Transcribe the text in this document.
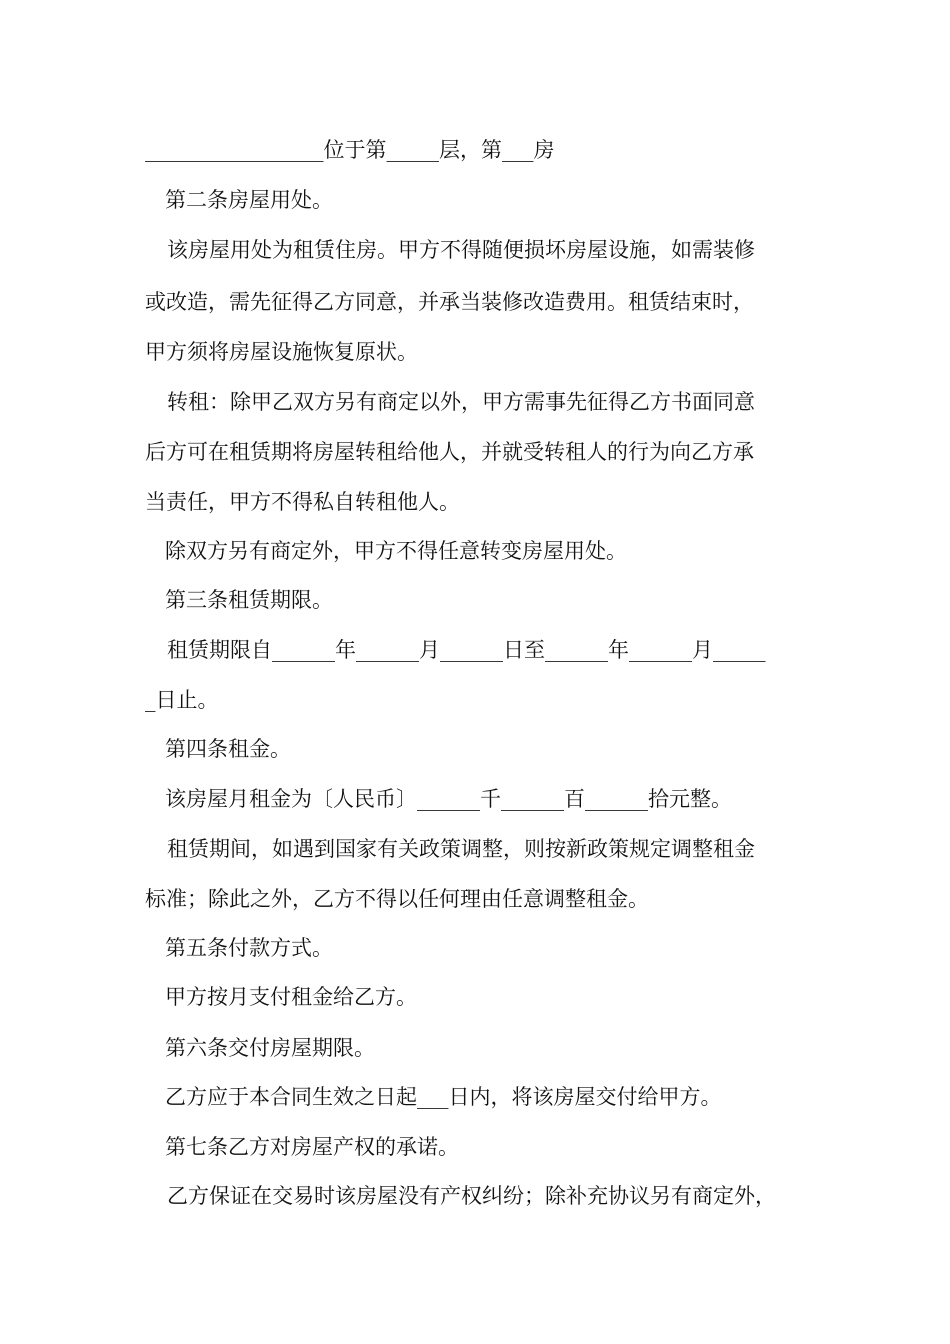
_________________位于第_____层，第___房
第二条房屋用处。
该房屋用处为租赁住房。甲方不得随便损坏房屋设施，如需装修
或改造，需先征得乙方同意，并承当装修改造费用。租赁结束时，
甲方须将房屋设施恢复原状。
转租：除甲乙双方另有商定以外，甲方需事先征得乙方书面同意
后方可在租赁期将房屋转租给他人，并就受转租人的行为向乙方承
当责任，甲方不得私自转租他人。
除双方另有商定外，甲方不得任意转变房屋用处。
第三条租赁期限。
租赁期限自______年______月______日至______年______月_____
_日止。
第四条租金。
该房屋月租金为〔人民币〕______千______百______拾元整。
租赁期间，如遇到国家有关政策调整，则按新政策规定调整租金
标准；除此之外，乙方不得以任何理由任意调整租金。
第五条付款方式。
甲方按月支付租金给乙方。
第六条交付房屋期限。
乙方应于本合同生效之日起___日内，将该房屋交付给甲方。
第七条乙方对房屋产权的承诺。
乙方保证在交易时该房屋没有产权纠纷；除补充协议另有商定外，
